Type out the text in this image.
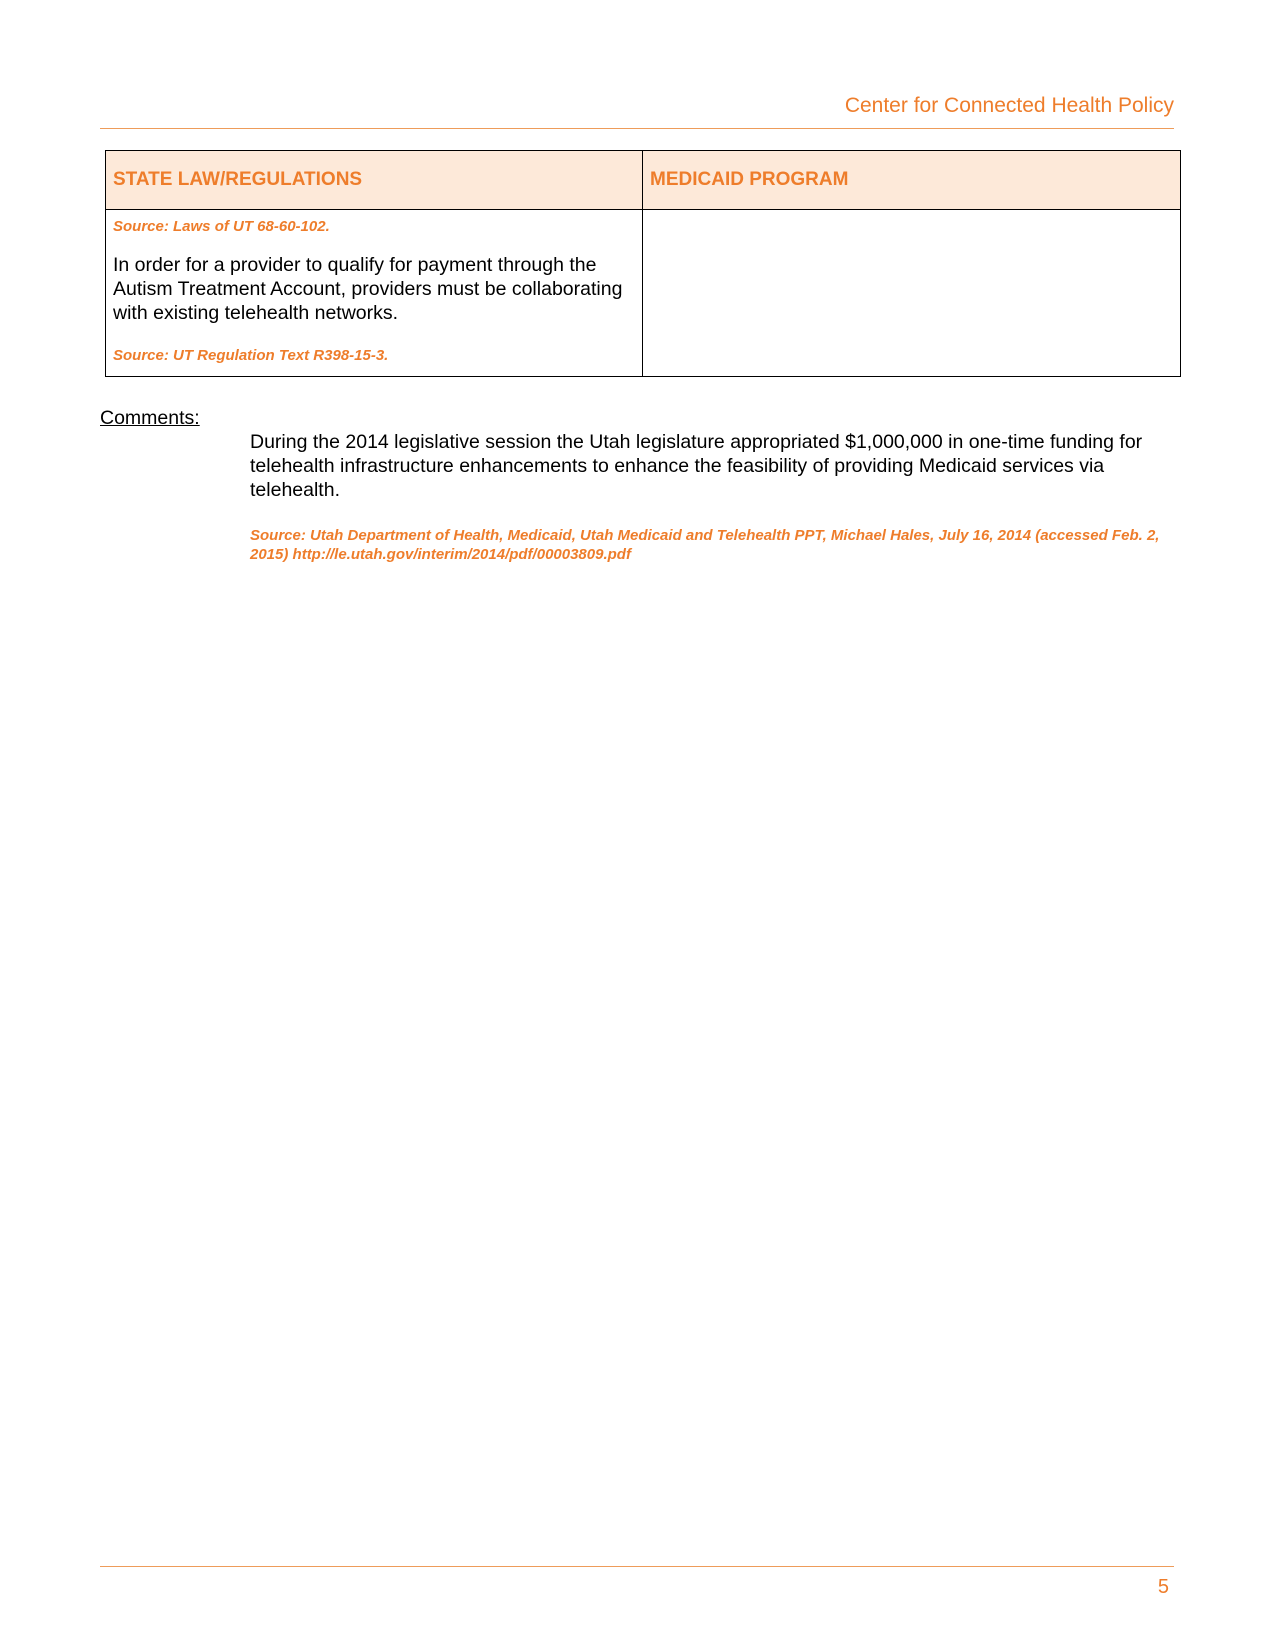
Center for Connected Health Policy
STATE LAW/REGULATIONS	MEDICAID PROGRAM

Source: Laws of UT 68-60-102.
In order for a provider to qualify for payment through the Autism Treatment Account, providers must be collaborating with existing telehealth networks.
Source: UT Regulation Text R398-15-3.	

Comments:
During the 2014 legislative session the Utah legislature appropriated $1,000,000 in one-time funding for telehealth infrastructure enhancements to enhance the feasibility of providing Medicaid services via telehealth.
Source: Utah Department of Health, Medicaid, Utah Medicaid and Telehealth PPT, Michael Hales, July 16, 2014 (accessed Feb. 2, 2015) http://le.utah.gov/interim/2014/pdf/00003809.pdf
5
